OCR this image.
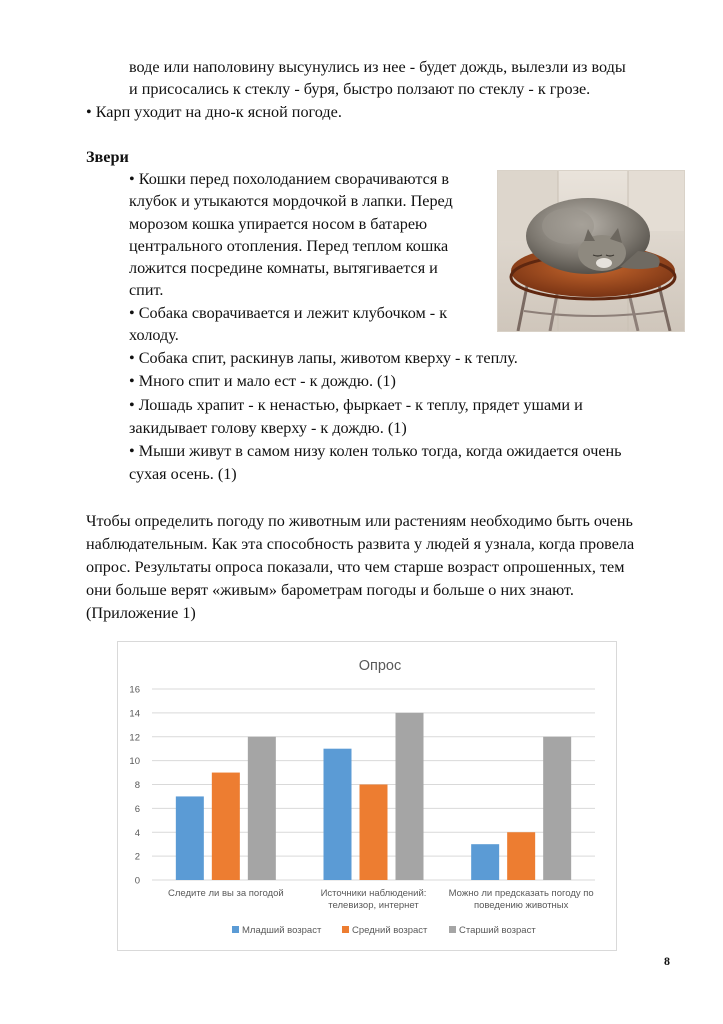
воде или наполовину высунулись из нее - будет дождь, вылезли из воды
и присосались к стеклу - буря, быстро ползают по стеклу - к грозе.
• Карп уходит на дно-к ясной погоде.
Звери
• Кошки перед похолоданием сворачиваются в
клубок и утыкаются мордочкой в лапки. Перед
морозом кошка упирается носом в батарею
центрального отопления. Перед теплом кошка
ложится посредине комнаты, вытягивается и
спит.
• Собака сворачивается и лежит клубочком - к
холоду.
• Собака спит, раскинув лапы, животом кверху - к теплу.
• Много спит и мало ест - к дождю. (1)
• Лошадь храпит - к ненастью, фыркает - к теплу, прядет ушами и
закидывает голову кверху - к дождю. (1)
• Мыши живут в самом низу колен только тогда, когда ожидается очень
сухая осень. (1)
Чтобы определить погоду по животным или растениям необходимо быть очень
наблюдательным. Как эта способность развита у людей я узнала, когда провела
опрос. Результаты опроса показали, что чем старше возраст опрошенных, тем
они больше верят «живым» барометрам погоды и больше о них знают.
(Приложение 1)
Опрос
0
2
4
6
8
10
12
14
16
Следите ли вы за погодой	Источники наблюдений:
телевизор, интернет
Можно ли предсказать погоду по
поведению животных
Младший возраст	Средний возраст	Старший возраст
8
